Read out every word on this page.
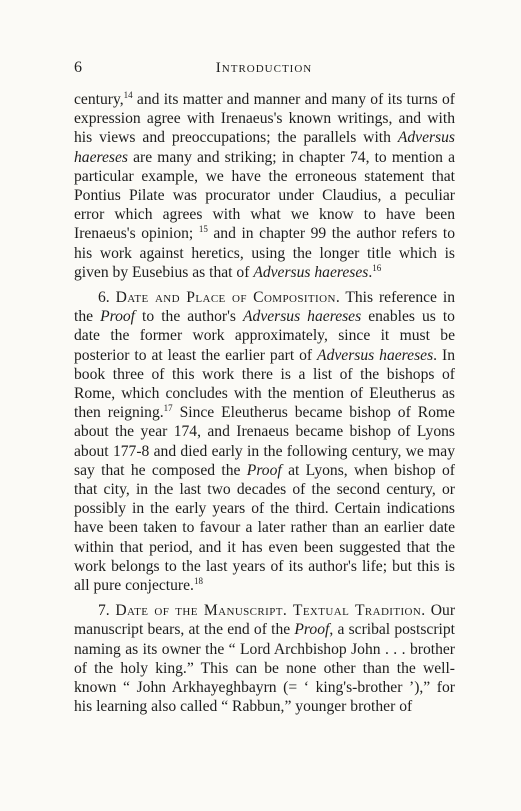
6	Introduction

century,$^{14}$ and its matter and manner and many of its turns of expression agree with Irenaeus's known writings, and with his views and preoccupations; the parallels with Adversus haereses are many and striking; in chapter 74, to mention a particular example, we have the erroneous statement that Pontius Pilate was procurator under Claudius, a peculiar error which agrees with what we know to have been Irenaeus's opinion; $^{15}$ and in chapter 99 the author refers to his work against heretics, using the longer title which is given by Eusebius as that of Adversus haereses.$^{16}$

6. Date and Place of Composition. This reference in the Proof to the author's Adversus haereses enables us to date the former work approximately, since it must be posterior to at least the earlier part of Adversus haereses. In book three of this work there is a list of the bishops of Rome, which concludes with the mention of Eleutherus as then reigning.$^{17}$ Since Eleutherus became bishop of Rome about the year 174, and Irenaeus became bishop of Lyons about 177-8 and died early in the following century, we may say that he composed the Proof at Lyons, when bishop of that city, in the last two decades of the second century, or possibly in the early years of the third. Certain indications have been taken to favour a later rather than an earlier date within that period, and it has even been suggested that the work belongs to the last years of its author's life; but this is all pure conjecture.$^{18}$

7. Date of the Manuscript. Textual Tradition. Our manuscript bears, at the end of the Proof, a scribal postscript naming as its owner the “ Lord Archbishop John . . . brother of the holy king.” This can be none other than the well-known “ John Arkhayeghbayrn (= ‘ king's-brother ’),” for his learning also called “ Rabbun,” younger brother of
